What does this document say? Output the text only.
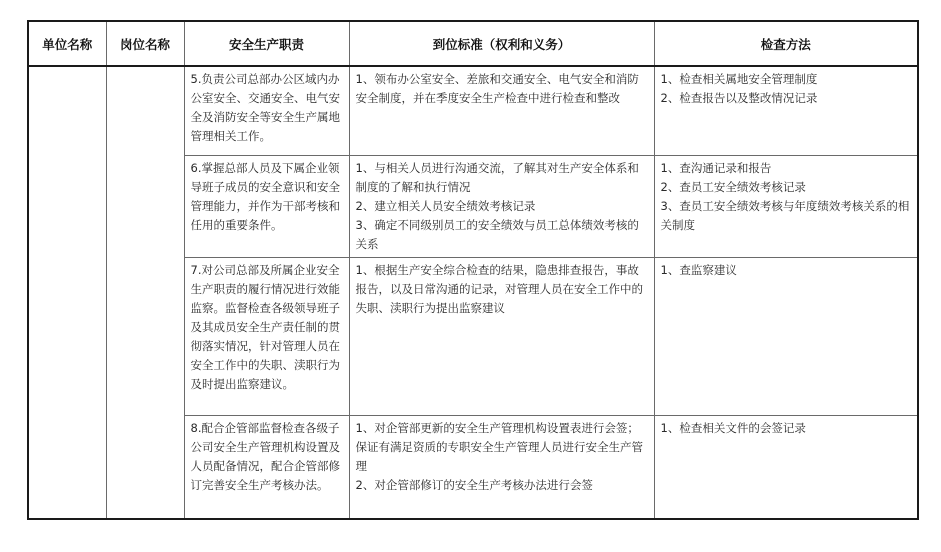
单位名称	岗位名称	安全生产职责	到位标准（权利和义务）	检查方法

		5.负责公司总部办公区域内办公室安全、交通安全、电气安全及消防安全等安全生产属地管理相关工作。	1、领布办公室安全、差旅和交通安全、电气安全和消防安全制度，并在季度安全生产检查中进行检查和整改	1、检查相关属地安全管理制度
2、检查报告以及整改情况记录

		6.掌握总部人员及下属企业领导班子成员的安全意识和安全管理能力，并作为干部考核和任用的重要条件。	1、与相关人员进行沟通交流，了解其对生产安全体系和制度的了解和执行情况
2、建立相关人员安全绩效考核记录
3、确定不同级别员工的安全绩效与员工总体绩效考核的关系	1、查沟通记录和报告
2、查员工安全绩效考核记录
3、查员工安全绩效考核与年度绩效考核关系的相关制度

		7.对公司总部及所属企业安全生产职责的履行情况进行效能监察。监督检查各级领导班子及其成员安全生产责任制的贯彻落实情况，针对管理人员在安全工作中的失职、渎职行为及时提出监察建议。	1、根据生产安全综合检查的结果，隐患排查报告，事故报告，以及日常沟通的记录，对管理人员在安全工作中的失职、渎职行为提出监察建议	1、查监察建议

		8.配合企管部监督检查各级子公司安全生产管理机构设置及人员配备情况，配合企管部修订完善安全生产考核办法。	1、对企管部更新的安全生产管理机构设置表进行会签；保证有满足资质的专职安全生产管理人员进行安全生产管理
2、对企管部修订的安全生产考核办法进行会签	1、检查相关文件的会签记录
